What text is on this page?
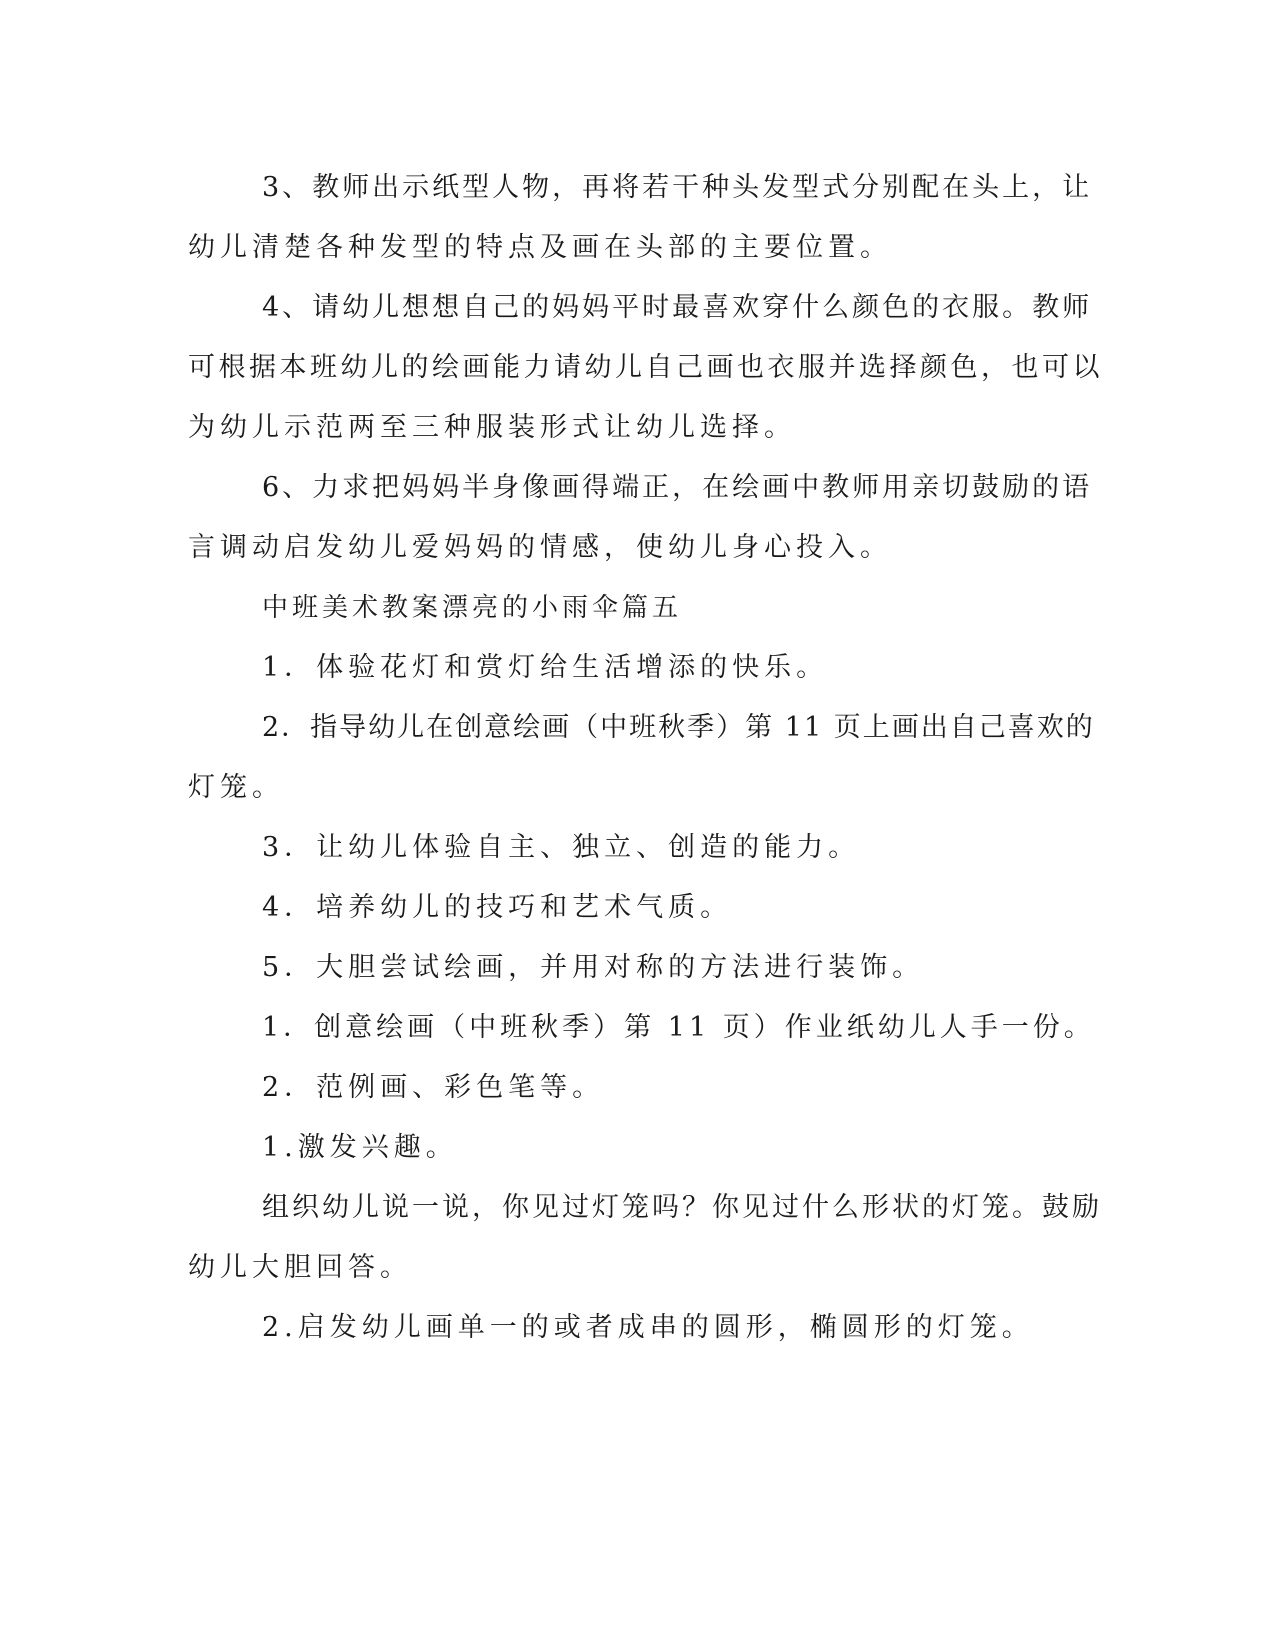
3、教师出示纸型人物，再将若干种头发型式分别配在头上，让
幼儿清楚各种发型的特点及画在头部的主要位置。
4、请幼儿想想自己的妈妈平时最喜欢穿什么颜色的衣服。教师
可根据本班幼儿的绘画能力请幼儿自己画也衣服并选择颜色，也可以
为幼儿示范两至三种服装形式让幼儿选择。
6、力求把妈妈半身像画得端正，在绘画中教师用亲切鼓励的语
言调动启发幼儿爱妈妈的情感，使幼儿身心投入。
中班美术教案漂亮的小雨伞篇五
1．体验花灯和赏灯给生活增添的快乐。
2．指导幼儿在创意绘画（中班秋季）第 11 页上画出自己喜欢的
灯笼。
3．让幼儿体验自主、独立、创造的能力。
4．培养幼儿的技巧和艺术气质。
5．大胆尝试绘画，并用对称的方法进行装饰。
1．创意绘画（中班秋季）第 11 页）作业纸幼儿人手一份。
2．范例画、彩色笔等。
1.激发兴趣。
组织幼儿说一说，你见过灯笼吗？你见过什么形状的灯笼。鼓励
幼儿大胆回答。
2.启发幼儿画单一的或者成串的圆形，椭圆形的灯笼。
